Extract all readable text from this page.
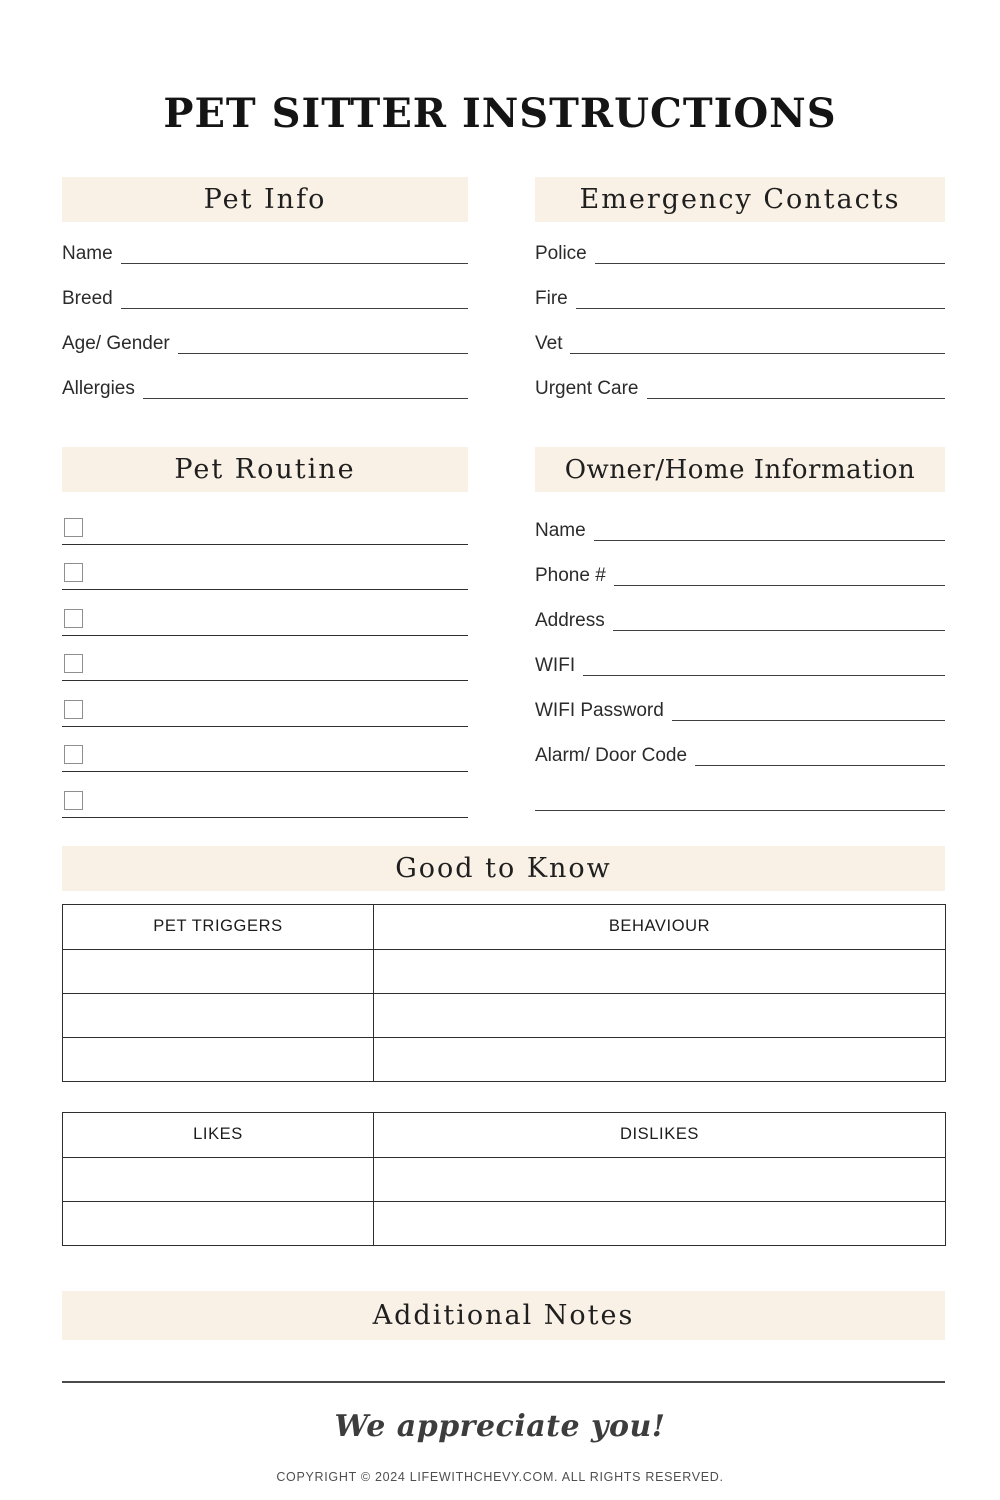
PET SITTER INSTRUCTIONS
Pet Info
Name
Breed
Age/ Gender
Allergies
Emergency Contacts
Police
Fire
Vet
Urgent Care
Pet Routine	Owner/Home Information
Name
Phone #
Address
WIFI
WIFI Password
Alarm/ Door Code
Good to Know
PET TRIGGERS	BEHAVIOUR

LIKES	DISLIKES

Additional Notes
We appreciate you!
COPYRIGHT © 2024 LIFEWITHCHEVY.COM. ALL RIGHTS RESERVED.
